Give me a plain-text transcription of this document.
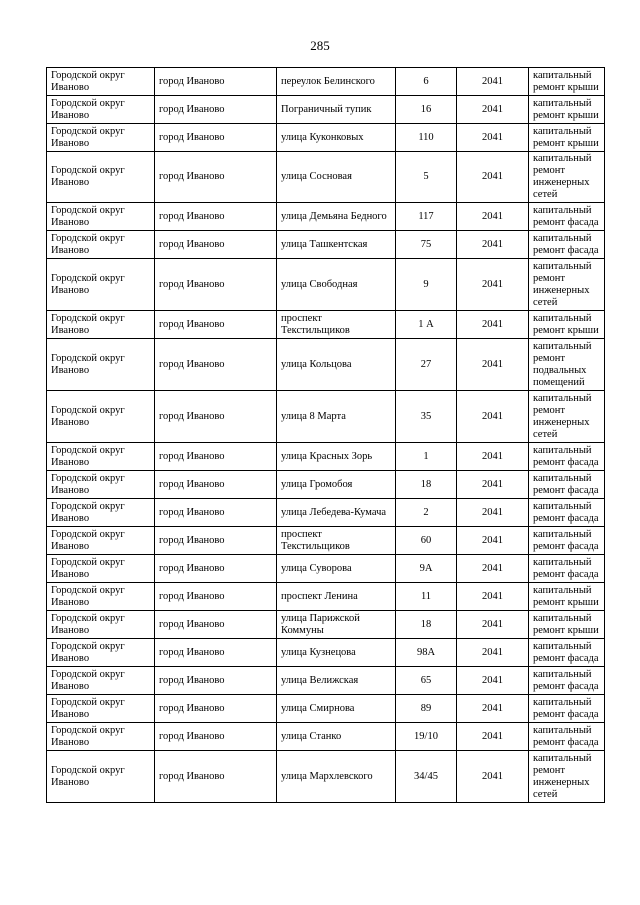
285
Городской округ Иваново	город Иваново	переулок Белинского	6	2041	капитальный ремонт крыши
Городской округ Иваново	город Иваново	Пограничный тупик	16	2041	капитальный ремонт крыши
Городской округ Иваново	город Иваново	улица Куконковых	110	2041	капитальный ремонт крыши
Городской округ Иваново	город Иваново	улица Сосновая	5	2041	капитальный ремонт инженерных сетей
Городской округ Иваново	город Иваново	улица Демьяна Бедного	117	2041	капитальный ремонт фасада
Городской округ Иваново	город Иваново	улица Ташкентская	75	2041	капитальный ремонт фасада
Городской округ Иваново	город Иваново	улица Свободная	9	2041	капитальный ремонт инженерных сетей
Городской округ Иваново	город Иваново	проспект Текстильщиков	1 А	2041	капитальный ремонт крыши
Городской округ Иваново	город Иваново	улица Кольцова	27	2041	капитальный ремонт подвальных помещений
Городской округ Иваново	город Иваново	улица 8 Марта	35	2041	капитальный ремонт инженерных сетей
Городской округ Иваново	город Иваново	улица Красных Зорь	1	2041	капитальный ремонт фасада
Городской округ Иваново	город Иваново	улица Громобоя	18	2041	капитальный ремонт фасада
Городской округ Иваново	город Иваново	улица Лебедева-Кумача	2	2041	капитальный ремонт фасада
Городской округ Иваново	город Иваново	проспект Текстильщиков	60	2041	капитальный ремонт фасада
Городской округ Иваново	город Иваново	улица Суворова	9А	2041	капитальный ремонт фасада
Городской округ Иваново	город Иваново	проспект Ленина	11	2041	капитальный ремонт крыши
Городской округ Иваново	город Иваново	улица Парижской Коммуны	18	2041	капитальный ремонт крыши
Городской округ Иваново	город Иваново	улица Кузнецова	98А	2041	капитальный ремонт фасада
Городской округ Иваново	город Иваново	улица Велижская	65	2041	капитальный ремонт фасада
Городской округ Иваново	город Иваново	улица Смирнова	89	2041	капитальный ремонт фасада
Городской округ Иваново	город Иваново	улица Станко	19/10	2041	капитальный ремонт фасада
Городской округ Иваново	город Иваново	улица Мархлевского	34/45	2041	капитальный ремонт инженерных сетей
